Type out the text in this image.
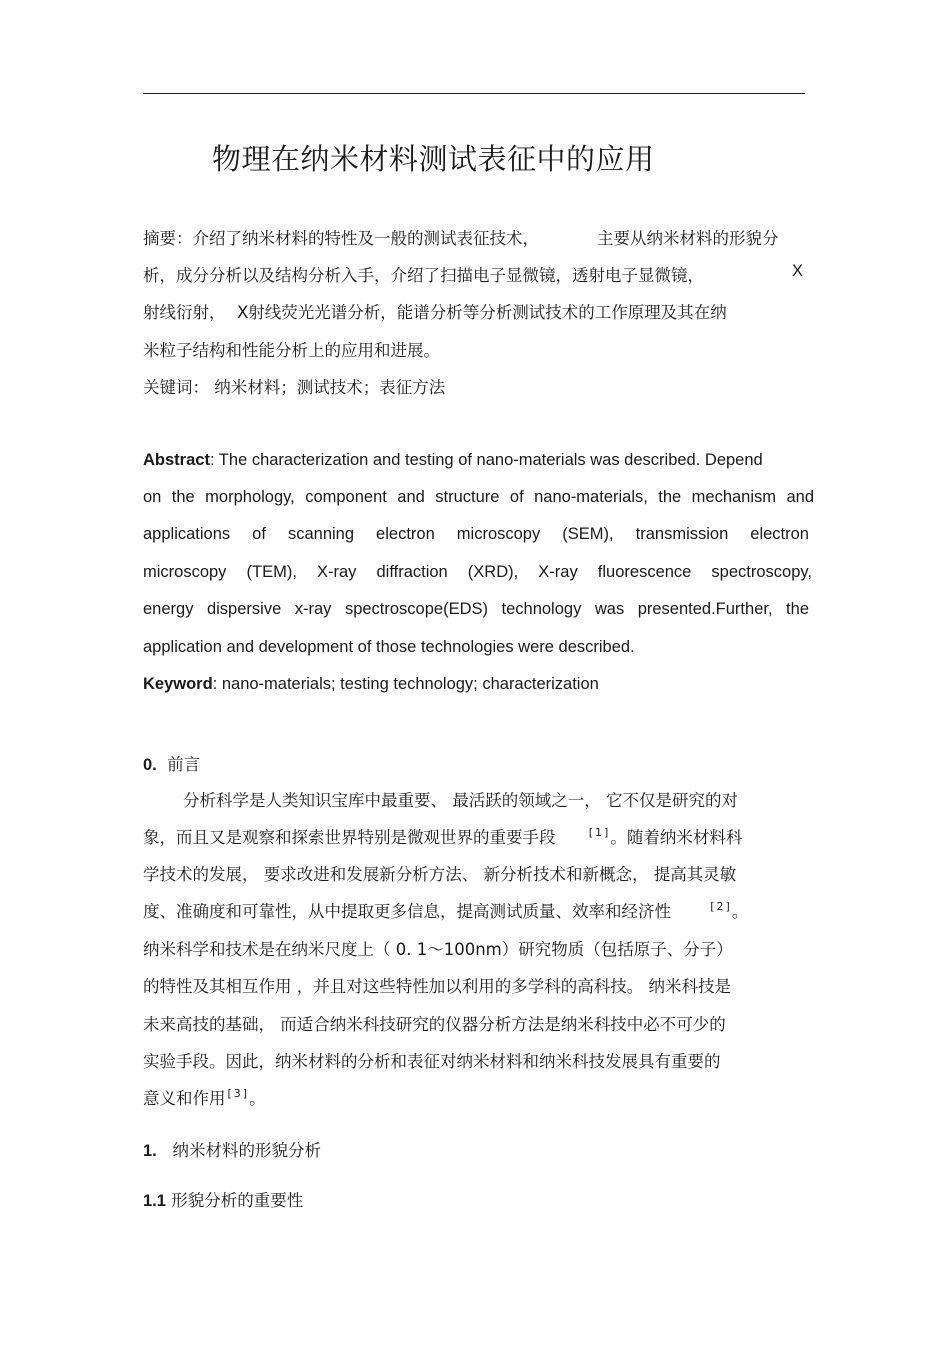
物理在纳米材料测试表征中的应用
摘要：介绍了纳米材料的特性及一般的测试表征技术，	主要从纳米材料的形貌分
析，成分分析以及结构分析入手，介绍了扫描电子显微镜，透射电子显微镜，	X
射线衍射， X射线荧光光谱分析，能谱分析等分析测试技术的工作原理及其在纳
米粒子结构和性能分析上的应用和进展。
关键词： 纳米材料；测试技术；表征方法
Abstract: The characterization and testing of nano-materials was described. Depend
on the morphology, component and structure of nano-materials, the mechanism and
applications of scanning electron microscopy (SEM), transmission electron
microscopy (TEM), X-ray diffraction (XRD), X-ray fluorescence spectroscopy,
energy dispersive x-ray spectroscope(EDS) technology was presented.Further, the
application and development of those technologies were described.
Keyword: nano-materials; testing technology; characterization
0. 前言
分析科学是人类知识宝库中最重要、 最活跃的领域之一， 它不仅是研究的对
象，而且又是观察和探索世界特别是微观世界的重要手段	[1]。随着纳米材料科
学技术的发展， 要求改进和发展新分析方法、 新分析技术和新概念， 提高其灵敏
度、准确度和可靠性，从中提取更多信息，提高测试质量、效率和经济性	[2]。
纳米科学和技术是在纳米尺度上（ 0. 1～100nm）研究物质（包括原子、分子）
的特性及其相互作用 ，并且对这些特性加以利用的多学科的高科技。 纳米科技是
未来高技的基础， 而适合纳米科技研究的仪器分析方法是纳米科技中必不可少的
实验手段。因此，纳米材料的分析和表征对纳米材料和纳米科技发展具有重要的
意义和作用 [3]。
1. 纳米材料的形貌分析
1.1 形貌分析的重要性
